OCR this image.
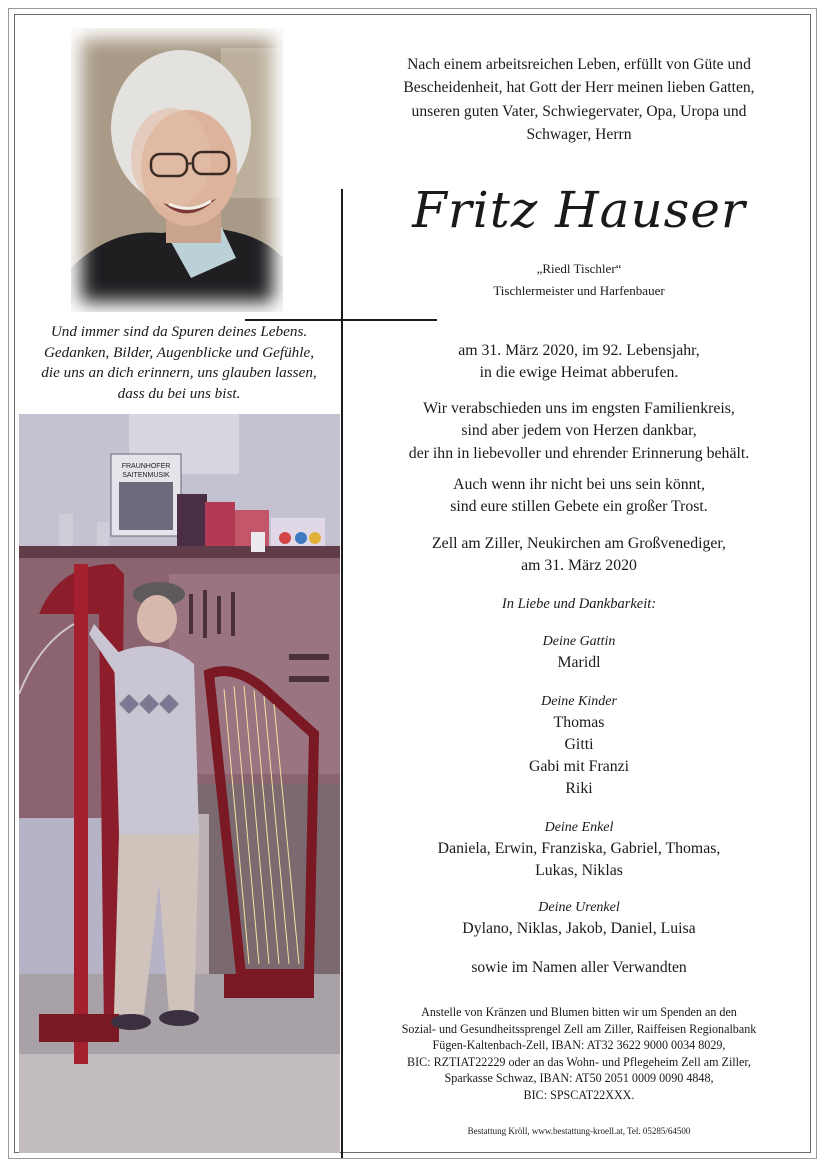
Und immer sind da Spuren deines Lebens.
Gedanken, Bilder, Augenblicke und Gefühle,
die uns an dich erinnern, uns glauben lassen,
dass du bei uns bist.
FRAUNHOFER
SAITENMUSIK
Nach einem arbeitsreichen Leben, erfüllt von Güte und
Bescheidenheit, hat Gott der Herr meinen lieben Gatten,
unseren guten Vater, Schwiegervater, Opa, Uropa und
Schwager, Herrn
Fritz Hauser
„Riedl Tischler“
Tischlermeister und Harfenbauer
am 31. März 2020, im 92. Lebensjahr,
in die ewige Heimat abberufen.
Wir verabschieden uns im engsten Familienkreis,
sind aber jedem von Herzen dankbar,
der ihn in liebevoller und ehrender Erinnerung behält.
Auch wenn ihr nicht bei uns sein könnt,
sind eure stillen Gebete ein großer Trost.
Zell am Ziller, Neukirchen am Großvenediger,
am 31. März 2020
In Liebe und Dankbarkeit:
Deine Gattin
Maridl
Deine Kinder
Thomas
Gitti
Gabi mit Franzi
Riki
Deine Enkel
Daniela, Erwin, Franziska, Gabriel, Thomas,
Lukas, Niklas
Deine Urenkel
Dylano, Niklas, Jakob, Daniel, Luisa
sowie im Namen aller Verwandten
Anstelle von Kränzen und Blumen bitten wir um Spenden an den
Sozial- und Gesundheitssprengel Zell am Ziller, Raiffeisen Regionalbank
Fügen-Kaltenbach-Zell, IBAN: AT32 3622 9000 0034 8029,
BIC: RZTIAT22229 oder an das Wohn- und Pflegeheim Zell am Ziller,
Sparkasse Schwaz, IBAN: AT50 2051 0009 0090 4848,
BIC: SPSCAT22XXX.
Bestattung Kröll, www.bestattung-kroell.at, Tel. 05285/64500
